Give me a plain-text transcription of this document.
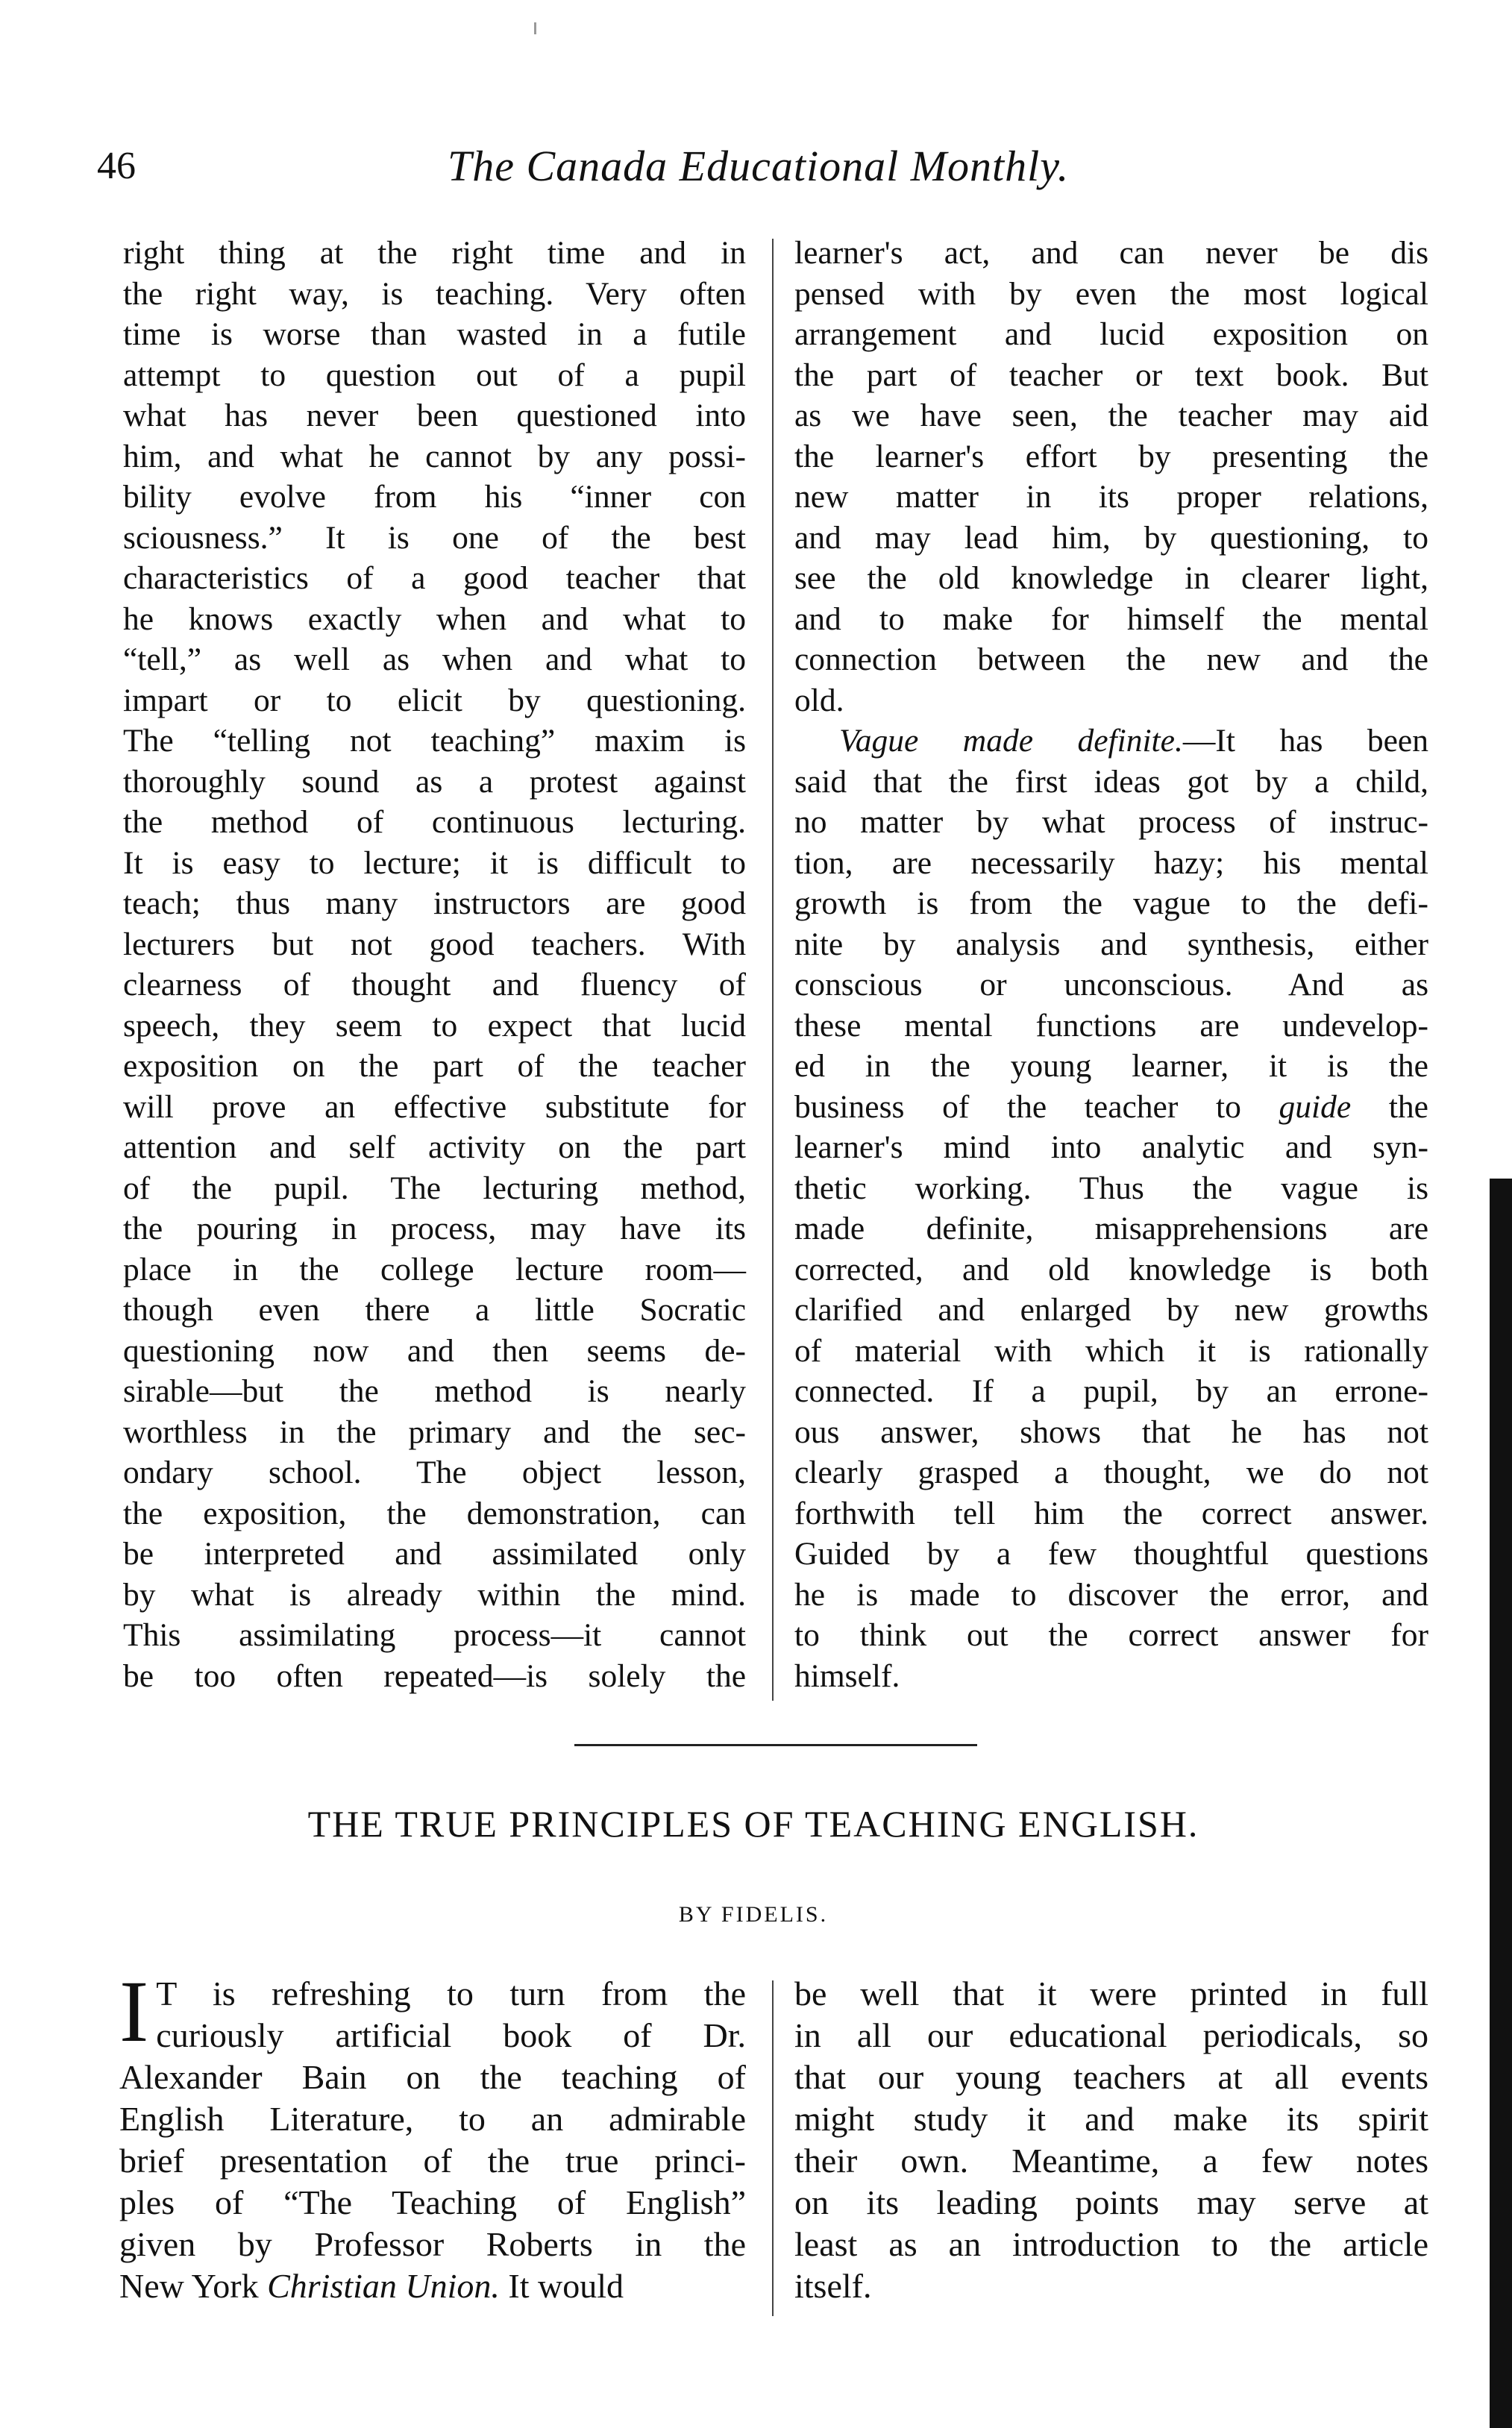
46	The Canada Educational Monthly.
right thing at the right time and in
the right way, is teaching. Very often
time is worse than wasted in a futile
attempt to question out of a pupil
what has never been questioned into
him, and what he cannot by any possi-
bility evolve from his “inner con
sciousness.” It is one of the best
characteristics of a good teacher that
he knows exactly when and what to
“tell,” as well as when and what to
impart or to elicit by questioning.
The “telling not teaching” maxim is
thoroughly sound as a protest against
the method of continuous lecturing.
It is easy to lecture; it is difficult to
teach; thus many instructors are good
lecturers but not good teachers. With
clearness of thought and fluency of
speech, they seem to expect that lucid
exposition on the part of the teacher
will prove an effective substitute for
attention and self activity on the part
of the pupil. The lecturing method,
the pouring in process, may have its
place in the college lecture room—
though even there a little Socratic
questioning now and then seems de-
sirable—but the method is nearly
worthless in the primary and the sec-
ondary school. The object lesson,
the exposition, the demonstration, can
be interpreted and assimilated only
by what is already within the mind.
This assimilating process—it cannot
be too often repeated—is solely the
learner's act, and can never be dis
pensed with by even the most logical
arrangement and lucid exposition on
the part of teacher or text book. But
as we have seen, the teacher may aid
the learner's effort by presenting the
new matter in its proper relations,
and may lead him, by questioning, to
see the old knowledge in clearer light,
and to make for himself the mental
connection between the new and the
old.
Vague made definite.—It has been
said that the first ideas got by a child,
no matter by what process of instruc-
tion, are necessarily hazy; his mental
growth is from the vague to the defi-
nite by analysis and synthesis, either
conscious or unconscious. And as
these mental functions are undevelop-
ed in the young learner, it is the
business of the teacher to guide the
learner's mind into analytic and syn-
thetic working. Thus the vague is
made definite, misapprehensions are
corrected, and old knowledge is both
clarified and enlarged by new growths
of material with which it is rationally
connected. If a pupil, by an errone-
ous answer, shows that he has not
clearly grasped a thought, we do not
forthwith tell him the correct answer.
Guided by a few thoughtful questions
he is made to discover the error, and
to think out the correct answer for
himself.
THE TRUE PRINCIPLES OF TEACHING ENGLISH.
BY FIDELIS.
I T is refreshing to turn from the
curiously artificial book of Dr.
Alexander Bain on the teaching of
English Literature, to an admirable
brief presentation of the true princi-
ples of “The Teaching of English”
given by Professor Roberts in the
New York Christian Union. It would
be well that it were printed in full
in all our educational periodicals, so
that our young teachers at all events
might study it and make its spirit
their own. Meantime, a few notes
on its leading points may serve at
least as an introduction to the article
itself.
